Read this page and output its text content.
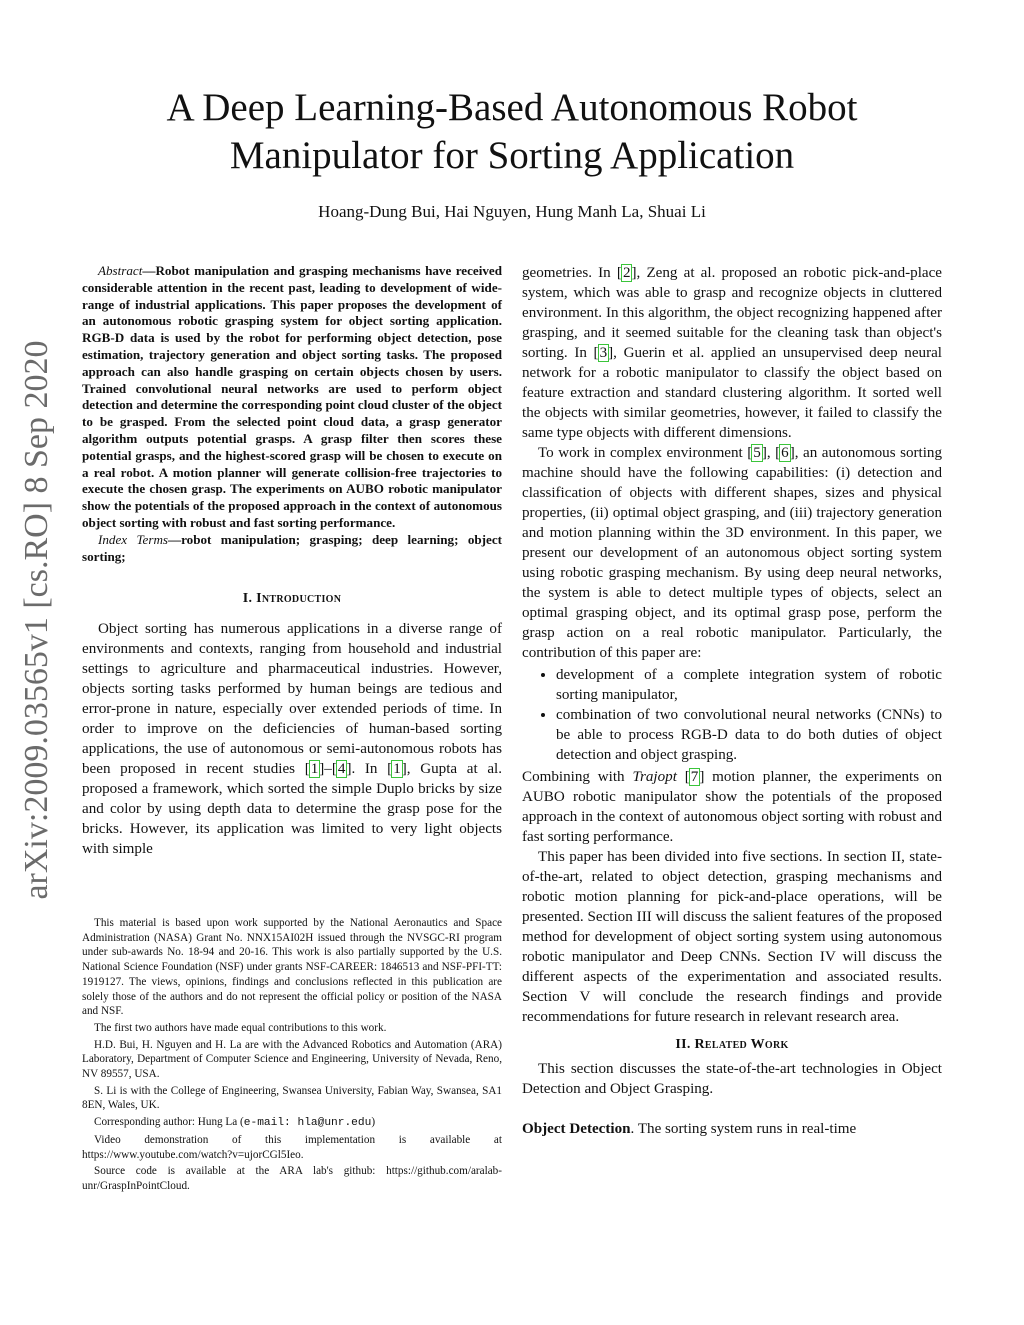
arXiv:2009.03565v1 [cs.RO] 8 Sep 2020
A Deep Learning-Based Autonomous Robot
Manipulator for Sorting Application

Hoang-Dung Bui, Hai Nguyen, Hung Manh La, Shuai Li

Abstract—Robot manipulation and grasping mechanisms have received considerable attention in the recent past, leading to development of wide-range of industrial applications. This paper proposes the development of an autonomous robotic grasping system for object sorting application. RGB-D data is used by the robot for performing object detection, pose estimation, trajectory generation and object sorting tasks. The proposed approach can also handle grasping on certain objects chosen by users. Trained convolutional neural networks are used to perform object detection and determine the corresponding point cloud cluster of the object to be grasped. From the selected point cloud data, a grasp generator algorithm outputs potential grasps. A grasp filter then scores these potential grasps, and the highest-scored grasp will be chosen to execute on a real robot. A motion planner will generate collision-free trajectories to execute the chosen grasp. The experiments on AUBO robotic manipulator show the potentials of the proposed approach in the context of autonomous object sorting with robust and fast sorting performance.

Index Terms—robot manipulation; grasping; deep learning; object sorting;

I. Introduction

Object sorting has numerous applications in a diverse range of environments and contexts, ranging from household and industrial settings to agriculture and pharmaceutical industries. However, objects sorting tasks performed by human beings are tedious and error-prone in nature, especially over extended periods of time. In order to improve on the deficiencies of human-based sorting applications, the use of autonomous or semi-autonomous robots has been proposed in recent studies [1]–[4]. In [1], Gupta at al. proposed a framework, which sorted the simple Duplo bricks by size and color by using depth data to determine the grasp pose for the bricks. However, its application was limited to very light objects with simple

This material is based upon work supported by the National Aeronautics and Space Administration (NASA) Grant No. NNX15AI02H issued through the NVSGC-RI program under sub-awards No. 18-94 and 20-16. This work is also partially supported by the U.S. National Science Foundation (NSF) under grants NSF-CAREER: 1846513 and NSF-PFI-TT: 1919127. The views, opinions, findings and conclusions reflected in this publication are solely those of the authors and do not represent the official policy or position of the NASA and NSF.

The first two authors have made equal contributions to this work.

H.D. Bui, H. Nguyen and H. La are with the Advanced Robotics and Automation (ARA) Laboratory, Department of Computer Science and Engineering, University of Nevada, Reno, NV 89557, USA.

S. Li is with the College of Engineering, Swansea University, Fabian Way, Swansea, SA1 8EN, Wales, UK.

Corresponding author: Hung La (e-mail: hla@unr.edu)

Video demonstration of this implementation is available at https://www.youtube.com/watch?v=ujorCGl5Ieo.

Source code is available at the ARA lab's github: https://github.com/aralab-unr/GraspInPointCloud.

geometries. In [2], Zeng at al. proposed an robotic pick-and-place system, which was able to grasp and recognize objects in cluttered environment. In this algorithm, the object recognizing happened after grasping, and it seemed suitable for the cleaning task than object's sorting. In [3], Guerin et al. applied an unsupervised deep neural network for a robotic manipulator to classify the object based on feature extraction and standard clustering algorithm. It sorted well the objects with similar geometries, however, it failed to classify the same type objects with different dimensions.

To work in complex environment [5], [6], an autonomous sorting machine should have the following capabilities: (i) detection and classification of objects with different shapes, sizes and physical properties, (ii) optimal object grasping, and (iii) trajectory generation and motion planning within the 3D environment. In this paper, we present our development of an autonomous object sorting system using robotic grasping mechanism. By using deep neural networks, the system is able to detect multiple types of objects, select an optimal grasping object, and its optimal grasp pose, perform the grasp action on a real robotic manipulator. Particularly, the contribution of this paper are:

• development of a complete integration system of robotic sorting manipulator,
• combination of two convolutional neural networks (CNNs) to be able to process RGB-D data to do both duties of object detection and object grasping.

Combining with Trajopt [7] motion planner, the experiments on AUBO robotic manipulator show the potentials of the proposed approach in the context of autonomous object sorting with robust and fast sorting performance.

This paper has been divided into five sections. In section II, state-of-the-art, related to object detection, grasping mechanisms and robotic motion planning for pick-and-place operations, will be presented. Section III will discuss the salient features of the proposed method for development of object sorting system using autonomous robotic manipulator and Deep CNNs. Section IV will discuss the different aspects of the experimentation and associated results. Section V will conclude the research findings and provide recommendations for future research in relevant research area.

II. Related Work

This section discusses the state-of-the-art technologies in Object Detection and Object Grasping.

Object Detection. The sorting system runs in real-time
